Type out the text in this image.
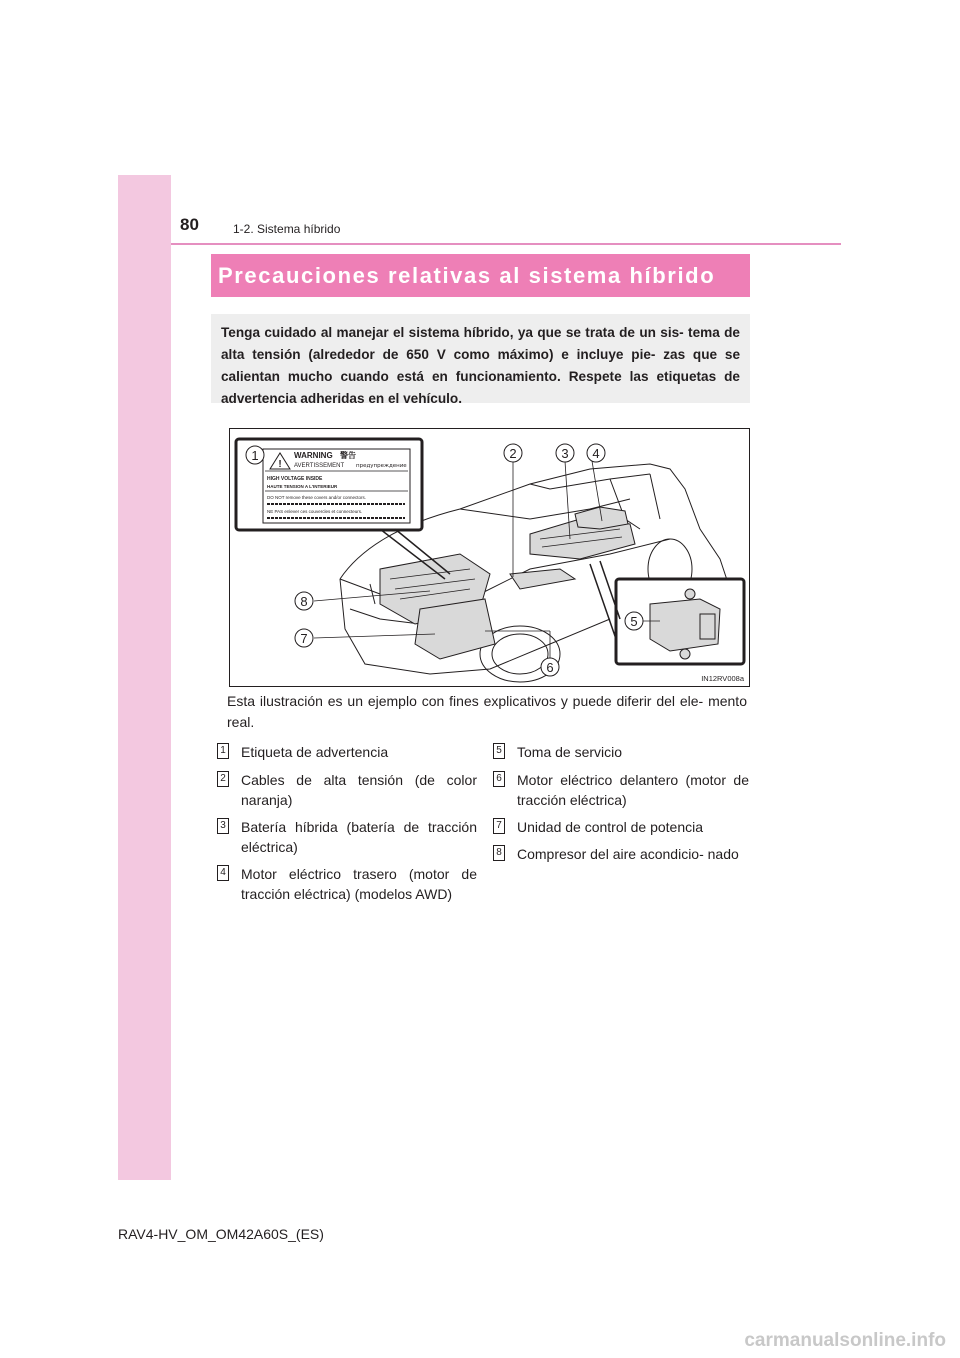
80	1-2. Sistema híbrido
Precauciones relativas al sistema híbrido

Tenga cuidado al manejar el sistema híbrido, ya que se trata de un sis- tema de alta tensión (alrededor de 650 V como máximo) e incluye pie- zas que se calientan mucho cuando está en funcionamiento. Respete las etiquetas de advertencia adheridas en el vehículo.

!
WARNING 警告
AVERTISSEMENT предупреждение
HIGH VOLTAGE INSIDE
HAUTE TENSION A L'INTERIEUR
DO NOT remove these covers and/or connectors.
NE PAS enlever ces couvercles et connecteurs.
1	2	3 4
5
6
7
8
IN12RV008a

Esta ilustración es un ejemplo con fines explicativos y puede diferir del ele- mento real.

1 Etiqueta de advertencia
2 Cables de alta tensión (de color naranja)
3 Batería híbrida (batería de tracción eléctrica)
4 Motor eléctrico trasero (motor de tracción eléctrica) (modelos AWD)
5 Toma de servicio
6 Motor eléctrico delantero (motor de tracción eléctrica)
7 Unidad de control de potencia
8 Compresor del aire acondicio- nado
RAV4-HV_OM_OM42A60S_(ES)
carmanualsonline.info
